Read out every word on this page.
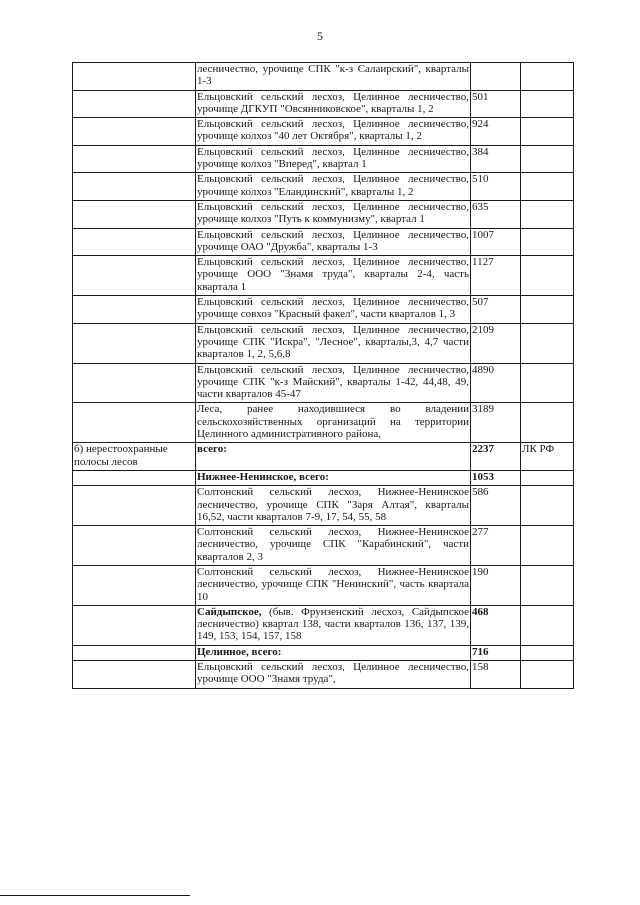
5
	лесничество, урочище СПК "к-з Салаирский", кварталы 1-3		
	Ельцовский сельский лесхоз, Целинное лесничество, урочище ДГКУП "Овсянниковское", кварталы 1, 2	501	
	Ельцовский сельский лесхоз, Целинное лесничество, урочище колхоз "40 лет Октября", кварталы 1, 2	924	
	Ельцовский сельский лесхоз, Целинное лесничество, урочище колхоз "Вперед", квартал 1	384	
	Ельцовский сельский лесхоз, Целинное лесничество, урочище колхоз "Еландинский", кварталы 1, 2	510	
	Ельцовский сельский лесхоз, Целинное лесничество, урочище колхоз "Путь к коммунизму", квартал 1	635	
	Ельцовский сельский лесхоз, Целинное лесничество, урочище ОАО "Дружба", кварталы 1-3	1007	
	Ельцовский сельский лесхоз, Целинное лесничество, урочище ООО "Знамя труда", кварталы 2-4, часть квартала 1	1127	
	Ельцовский сельский лесхоз, Целинное лесничество, урочище совхоз "Красный факел", части кварталов 1, 3	507	
	Ельцовский сельский лесхоз, Целинное лесничество, урочище СПК "Искра", "Лесное", кварталы,3, 4,7 части кварталов 1, 2, 5,6,8	2109	
	Ельцовский сельский лесхоз, Целинное лесничество, урочище СПК "к-з Майский", кварталы 1-42, 44,48, 49, части кварталов 45-47	4890	
	Леса, ранее находившиеся во владении сельскохозяйственных организаций на территории Целинного административного района,	3189	
б) нерестоохранные полосы лесов	всего:	2237	ЛК РФ
	Нижнее-Ненинское, всего:	1053	
	Солтонский сельский лесхоз, Нижнее-Ненинское лесничество, урочище СПК "Заря Алтая", кварталы 16,52, части кварталов 7-9, 17, 54, 55, 58	586	
	Солтонский сельский лесхоз, Нижнее-Ненинское лесничество, урочище СПК "Карабинский", части кварталов 2, 3	277	
	Солтонский сельский лесхоз, Нижнее-Ненинское лесничество, урочище СПК "Ненинский", часть квартала 10	190	
	Сайдыпское, (быв. Фрунзенский лесхоз, Сайдыпское лесничество) квартал 138, части кварталов 136, 137, 139, 149, 153, 154, 157, 158	468	
	Целинное, всего:	716	
	Ельцовский сельский лесхоз, Целинное лесничество, урочище ООО "Знамя труда",	158	
